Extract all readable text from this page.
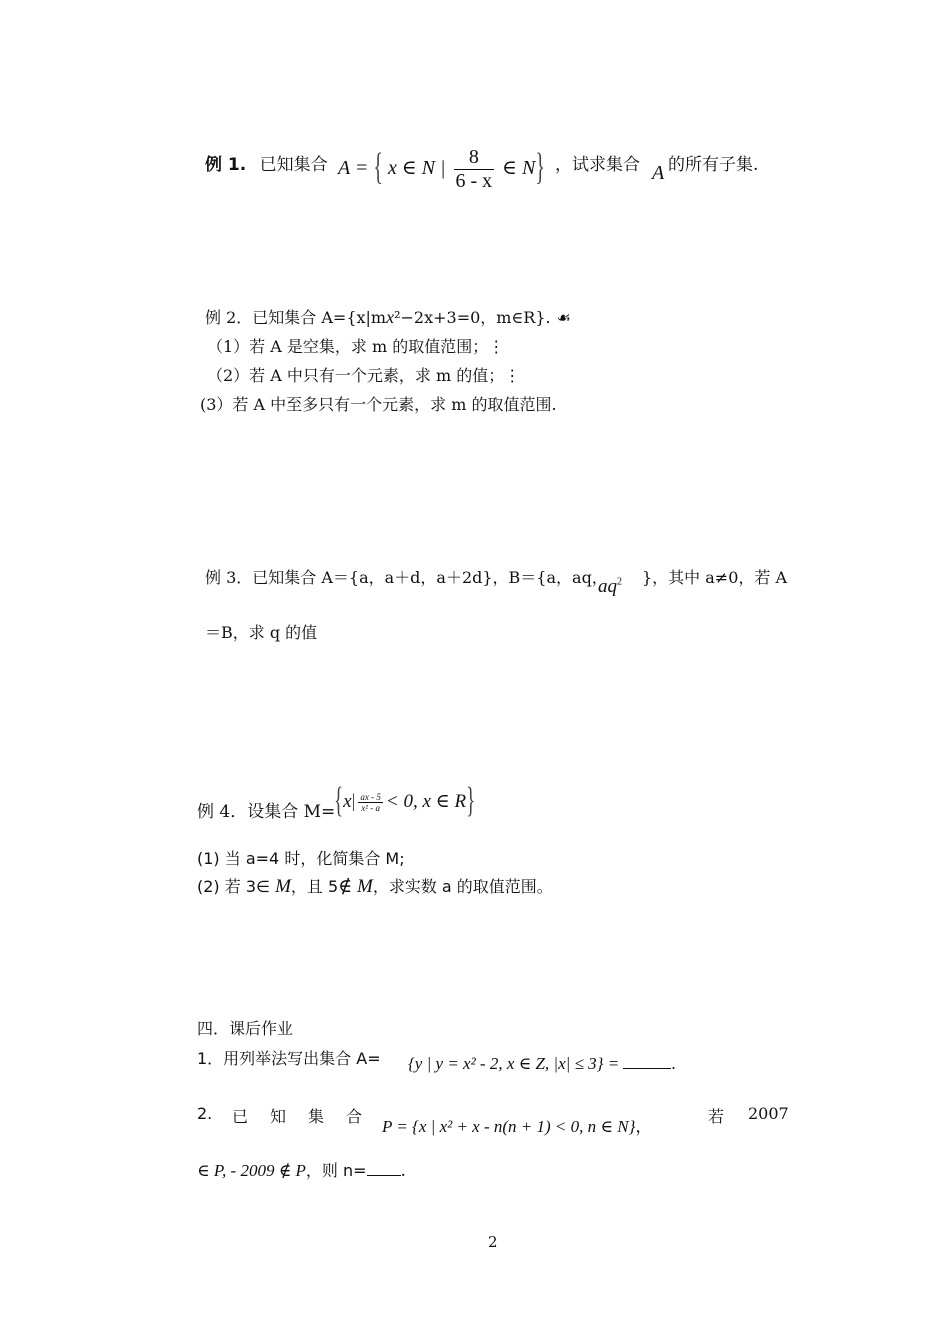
例 1. 已知集合 A = { x ∈ N | $\frac{8}{6 - x}$ ∈ N} ，试求集合 A 的所有子集.
例 2．已知集合 A={x|mx²−2x+3=0，m∈R}. ☙
（1）若 A 是空集，求 m 的取值范围；⋮
（2）若 A 中只有一个元素，求 m 的值；⋮
(3）若 A 中至多只有一个元素，求 m 的取值范围.
例 3．已知集合 A＝{a，a＋d，a＋2d}，B＝{a，aq，
$aq^2$ }，其中 a≠0，若 A
＝B，求 q 的值
例 4．设集合 M=
{$x| \frac{ax - 5}{\text{x² - a}} < 0$, x ∈ R}
(1) 当 a=4 时，化简集合 M;
(2) 若 3∈ M，且 5∉ M，求实数 a 的取值范围。
四．课后作业
1．用列举法写出集合 A= {y | y = x² - 2, x ∈ Z, |x| ≤ 3} =	.
2. 已 知 集 合
P = {x | x² + x - n(n + 1) < 0, n ∈ N}，
若 2007
∈ P, - 2009 ∉ P，则 n= .
2
